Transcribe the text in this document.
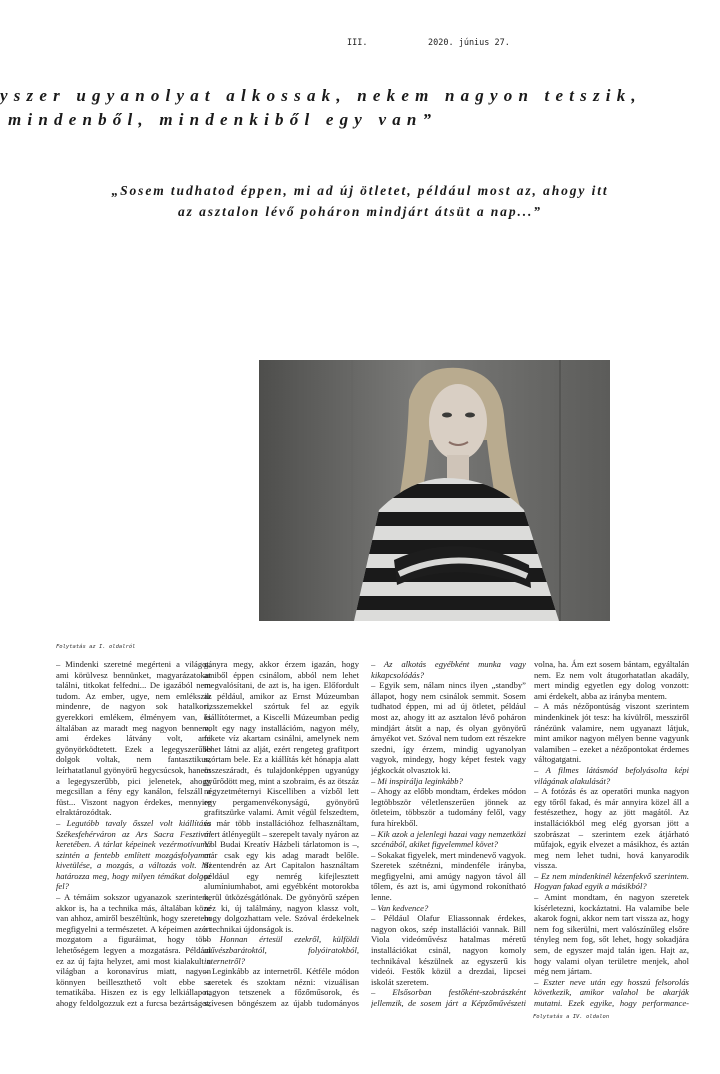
III.	2020. június 27.
yszer ugyanolyat alkossak, nekem nagyon tetszik,
mindenből, mindenkiből egy van”
„Sosem tudhatod éppen, mi ad új ötletet, például most az, ahogy itt
az asztalon lévő poháron mindjárt átsüt a nap...”
Folytatás az I. oldalról

– Mindenki szeretné megérteni a világot, ami körülvesz bennünket, magyarázatokat találni, titkokat felfedni... De igazából nem tudom. Az ember, ugye, nem emlékszik mindenre, de nagyon sok hatalkori, gyerekkori emlékem, élményem van, és általában az maradt meg nagyon bennem, ami érdekes látvány volt, ami gyönyörködtetett. Ezek a legegyszerűbb dolgok voltak, nem fantasztikus, leírhatatlanul gyönyörű hegycsúcsok, hanem a legegyszerűbb, pici jelenetek, ahogy megcsillan a fény egy kanálon, felszáll a füst... Viszont nagyon érdekes, mennyire elraktározódtak.

– Legutóbb tavaly ősszel volt kiállítása Székesfehérváron az Ars Sacra Fesztivál keretében. A tárlat képeinek vezérmotívuma szintén a fentebb említett mozgásfolyamat kivetülése, a mozgás, a változás volt. Mi határozza meg, hogy milyen témákat dolgoz fel?

– A témáim sokszor ugyanazok szerintem, akkor is, ha a technika más, általában köze van ahhoz, amiről beszéltünk, hogy szeretem megfigyelni a természetet. A képeimen azért mozgatom a figuráimat, hogy több lehetőségem legyen a mozgatásra. Például ez az új fajta helyzet, ami most kialakult a világban a koronavírus miatt, nagyon könnyen beilleszthető volt ebbe a tematikába. Hiszen ez is egy lelkiállapot, ahogy feldolgozzuk ezt a furcsa bezártságot,

gányra megy, akkor érzem igazán, hogy amiből éppen csinálom, abból nem lehet megvalósítani, de azt is, ha igen. Előfordult az például, amikor az Ernst Múzeumban rizsszemekkel szórtuk fel az egyik kiállítótermet, a Kiscelli Múzeumban pedig volt egy nagy installációm, nagyon mély, fekete víz akartam csinálni, amelynek nem lehet látni az alját, ezért rengeteg grafitport szórtam bele. Ez a kiállítás két hónapja alatt összeszáradt, és tulajdonképpen ugyanúgy gyűrődött meg, mint a szobraim, és az ötszáz négyzetméternyi Kiscelliben a vízből lett egy pergamenvékonyságú, gyönyörű grafitszürke valami. Amit végül felszedtem, és már több installációhoz felhasználtam, mert átlényegült – szerepelt tavaly nyáron az Ybl Budai Kreatív Házbeli tárlatomon is –, már csak egy kis adag maradt belőle. Szentendrén az Art Capitalon használtam például egy nemrég kifejlesztett alumíniumhabot, ami egyébként motorokba kerül ütközésgátlónak. De gyönyörű szépen néz ki, új találmány, nagyon klassz volt, hogy dolgozhattam vele. Szóval érdekelnek a technikai újdonságok is.

– Honnan értesül ezekről, külföldi művészbarátoktól, folyóiratokból, internetről?

– Leginkább az internetről. Kétféle módon szeretek és szoktam nézni: vizuálisan nagyon tetszenek a főzőműsorok, és szívesen böngészem az újabb tudományos

– Az alkotás egyébként munka vagy kikapcsolódás?

– Egyik sem, nálam nincs ilyen „standby” állapot, hogy nem csinálok semmit. Sosem tudhatod éppen, mi ad új ötletet, például most az, ahogy itt az asztalon lévő poháron mindjárt átsüt a nap, és olyan gyönyörű árnyékot vet. Szóval nem tudom ezt részekre szedni, így érzem, mindig ugyanolyan vagyok, mindegy, hogy képet festek vagy jégkockát olvasztok ki.

– Mi inspirálja leginkább?

– Ahogy az előbb mondtam, érdekes módon legtöbbször véletlenszerűen jönnek az ötleteim, többször a tudomány felől, vagy fura hírekből.

– Kik azok a jelenlegi hazai vagy nemzetközi szcénából, akiket figyelemmel követ?

– Sokakat figyelek, mert mindenevő vagyok. Szeretek szétnézni, mindenféle irányba, megfigyelni, ami amúgy nagyon távol áll tőlem, és azt is, ami úgymond rokonítható lenne.

– Van kedvence?

– Például Olafur Eliassonnak érdekes, nagyon okos, szép installációi vannak. Bill Viola videóművész hatalmas méretű installációkat csinál, nagyon komoly technikával készülnek az egyszerű kis videói. Festők közül a drezdai, lipcsei iskolát szeretem.

– Elsősorban festőként-szobrászként jellemzik, de sosem járt a Képzőművészeti

volna, ha. Ám ezt sosem bántam, egyáltalán nem. Ez nem volt átugorhatatlan akadály, mert mindig egyetlen egy dolog vonzott: ami érdekelt, abba az irányba mentem.

– A más nézőpontúság viszont szerintem mindenkinek jót tesz: ha kívülről, messziről ránézünk valamire, nem ugyanazt látjuk, mint amikor nagyon mélyen benne vagyunk valamiben – ezeket a nézőpontokat érdemes váltogatgatni.

– A filmes látásmód befolyásolta képi világának alakulását?

– A fotózás és az operatőri munka nagyon egy tőről fakad, és már annyira közel áll a festészethez, hogy az jött magától. Az installációkból meg elég gyorsan jött a szobrászat – szerintem ezek átjárható műfajok, egyik elvezet a másikhoz, és aztán meg nem lehet tudni, hová kanyarodik vissza.

– Ez nem mindenkinél kézenfekvő szerintem. Hogyan fakad egyik a másikból?

– Amint mondtam, én nagyon szeretek kísérletezni, kockáztatni. Ha valamibe bele akarok fogni, akkor nem tart vissza az, hogy nem fog sikerülni, mert valószínűleg elsőre tényleg nem fog, sőt lehet, hogy sokadjára sem, de egyszer majd talán igen. Hajt az, hogy valami olyan területre menjek, ahol még nem jártam.

– Eszter neve után egy hosszú felsorolás következik, amikor valahol be akarják mutatni. Ezek egyike, hogy performance-

Folytatás a IV. oldalon
